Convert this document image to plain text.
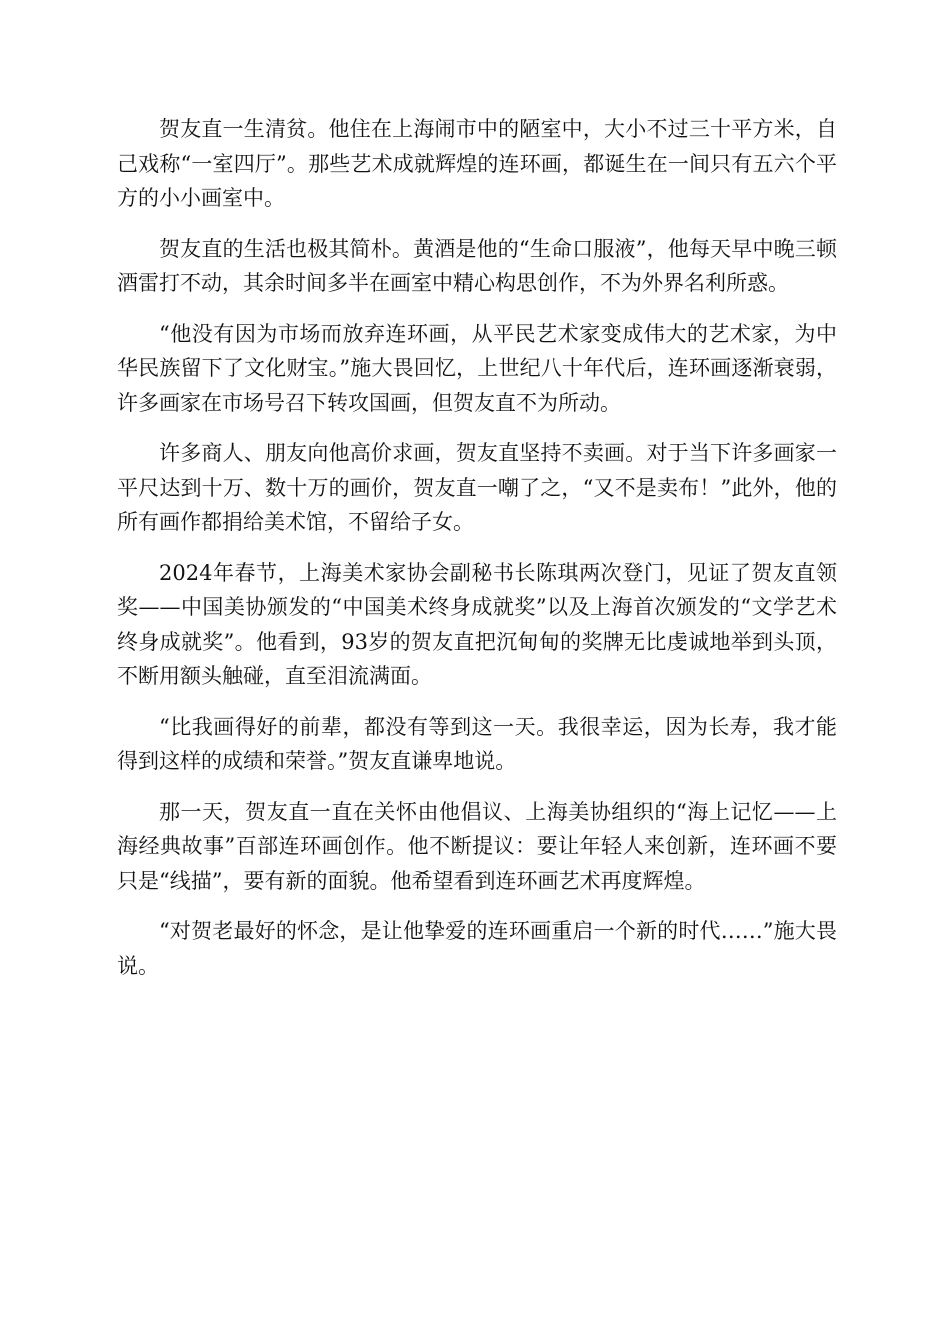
贺友直一生清贫。他住在上海闹市中的陋室中，大小不过三十平方米，自己戏称“一室四厅”。那些艺术成就辉煌的连环画，都诞生在一间只有五六个平方的小小画室中。

贺友直的生活也极其简朴。黄酒是他的“生命口服液”，他每天早中晚三顿酒雷打不动，其余时间多半在画室中精心构思创作，不为外界名利所惑。

“他没有因为市场而放弃连环画，从平民艺术家变成伟大的艺术家，为中华民族留下了文化财宝。”施大畏回忆，上世纪八十年代后，连环画逐渐衰弱，许多画家在市场号召下转攻国画，但贺友直不为所动。

许多商人、朋友向他高价求画，贺友直坚持不卖画。对于当下许多画家一平尺达到十万、数十万的画价，贺友直一嘲了之，“又不是卖布！”此外，他的所有画作都捐给美术馆，不留给子女。

2024年春节，上海美术家协会副秘书长陈琪两次登门，见证了贺友直领奖——中国美协颁发的“中国美术终身成就奖”以及上海首次颁发的“文学艺术终身成就奖”。他看到，93岁的贺友直把沉甸甸的奖牌无比虔诚地举到头顶，不断用额头触碰，直至泪流满面。

“比我画得好的前辈，都没有等到这一天。我很幸运，因为长寿，我才能得到这样的成绩和荣誉。”贺友直谦卑地说。

那一天，贺友直一直在关怀由他倡议、上海美协组织的“海上记忆——上海经典故事”百部连环画创作。他不断提议：要让年轻人来创新，连环画不要只是“线描”，要有新的面貌。他希望看到连环画艺术再度辉煌。

“对贺老最好的怀念，是让他挚爱的连环画重启一个新的时代……”施大畏说。
